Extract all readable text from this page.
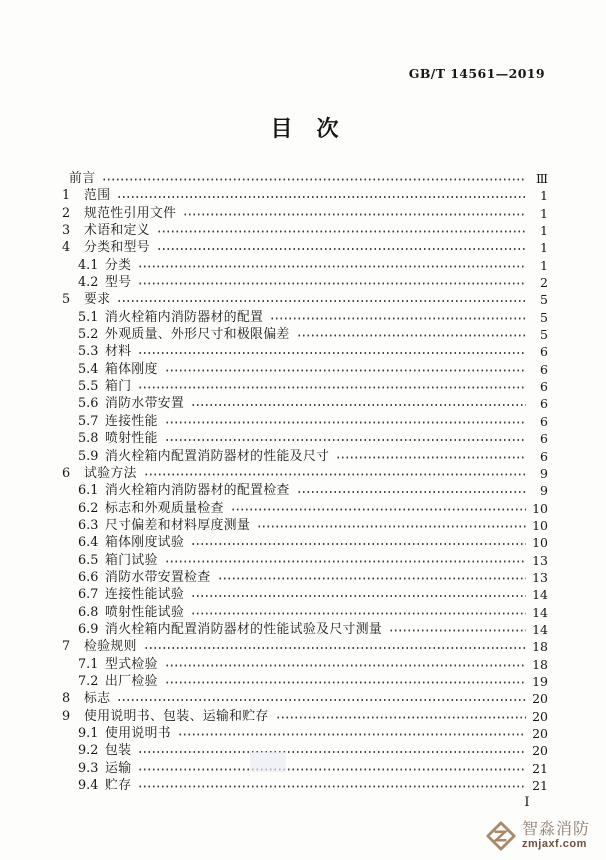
GB/T 14561—2019
目　次
前言	Ⅲ
1	范围	1
2	规范性引用文件	1
3	术语和定义	1
4	分类和型号	1
4.1 分类	1
4.2 型号	2
5	要求	5
5.1 消火栓箱内消防器材的配置	5
5.2 外观质量、外形尺寸和极限偏差	5
5.3 材料	6
5.4 箱体刚度	6
5.5 箱门	6
5.6 消防水带安置	6
5.7 连接性能	6
5.8 喷射性能	6
5.9 消火栓箱内配置消防器材的性能及尺寸	6
6	试验方法	9
6.1 消火栓箱内消防器材的配置检查	9
6.2 标志和外观质量检查	10
6.3 尺寸偏差和材料厚度测量	10
6.4 箱体刚度试验	10
6.5 箱门试验	13
6.6 消防水带安置检查	13
6.7 连接性能试验	14
6.8 喷射性能试验	14
6.9 消火栓箱内配置消防器材的性能试验及尺寸测量	14
7	检验规则	18
7.1 型式检验	18
7.2 出厂检验	19
8	标志	20
9	使用说明书、包装、运输和贮存	20
9.1 使用说明书	20
9.2 包装	20
9.3 运输	21
9.4 贮存	21
Ⅰ
智淼消防
zmjaxf.com
